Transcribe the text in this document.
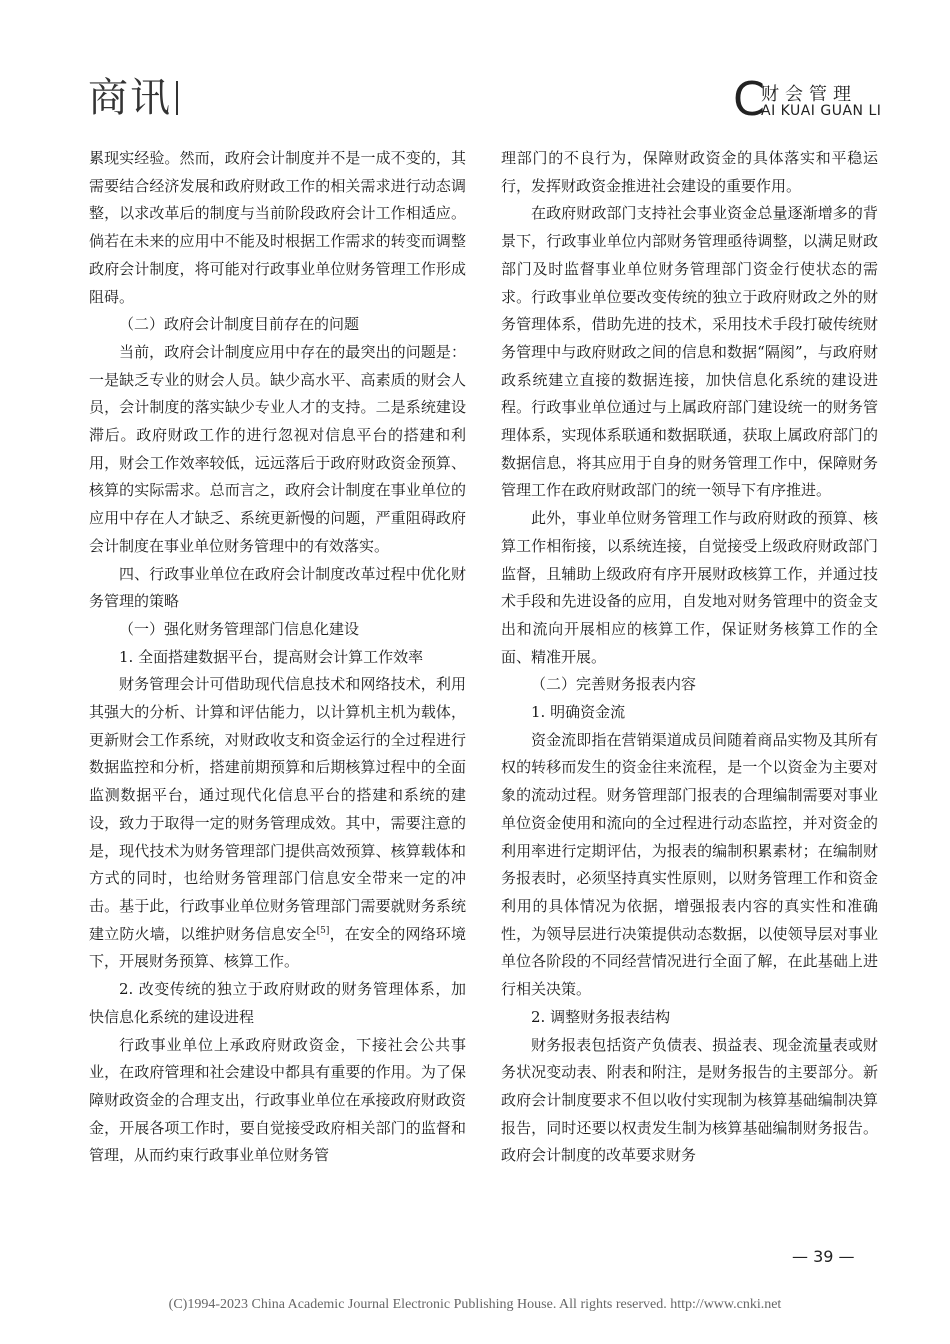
商讯	C
财会管理
AI KUAI GUAN LI

累现实经验。然而，政府会计制度并不是一成不变的，其需要结合经济发展和政府财政工作的相关需求进行动态调整，以求改革后的制度与当前阶段政府会计工作相适应。倘若在未来的应用中不能及时根据工作需求的转变而调整政府会计制度，将可能对行政事业单位财务管理工作形成阻碍。

（二）政府会计制度目前存在的问题

当前，政府会计制度应用中存在的最突出的问题是：一是缺乏专业的财会人员。缺少高水平、高素质的财会人员，会计制度的落实缺少专业人才的支持。二是系统建设滞后。政府财政工作的进行忽视对信息平台的搭建和利用，财会工作效率较低，远远落后于政府财政资金预算、核算的实际需求。总而言之，政府会计制度在事业单位的应用中存在人才缺乏、系统更新慢的问题，严重阻碍政府会计制度在事业单位财务管理中的有效落实。

四、行政事业单位在政府会计制度改革过程中优化财务管理的策略

（一）强化财务管理部门信息化建设

1. 全面搭建数据平台，提高财会计算工作效率

财务管理会计可借助现代信息技术和网络技术，利用其强大的分析、计算和评估能力，以计算机主机为载体，更新财会工作系统，对财政收支和资金运行的全过程进行数据监控和分析，搭建前期预算和后期核算过程中的全面监测数据平台，通过现代化信息平台的搭建和系统的建设，致力于取得一定的财务管理成效。其中，需要注意的是，现代技术为财务管理部门提供高效预算、核算载体和方式的同时，也给财务管理部门信息安全带来一定的冲击。基于此，行政事业单位财务管理部门需要就财务系统建立防火墙，以维护财务信息安全[5]，在安全的网络环境下，开展财务预算、核算工作。

2. 改变传统的独立于政府财政的财务管理体系，加快信息化系统的建设进程

行政事业单位上承政府财政资金，下接社会公共事业，在政府管理和社会建设中都具有重要的作用。为了保障财政资金的合理支出，行政事业单位在承接政府财政资金，开展各项工作时，要自觉接受政府相关部门的监督和管理，从而约束行政事业单位财务管

理部门的不良行为，保障财政资金的具体落实和平稳运行，发挥财政资金推进社会建设的重要作用。

在政府财政部门支持社会事业资金总量逐渐增多的背景下，行政事业单位内部财务管理亟待调整，以满足财政部门及时监督事业单位财务管理部门资金行使状态的需求。行政事业单位要改变传统的独立于政府财政之外的财务管理体系，借助先进的技术，采用技术手段打破传统财务管理中与政府财政之间的信息和数据“隔阂”，与政府财政系统建立直接的数据连接，加快信息化系统的建设进程。行政事业单位通过与上属政府部门建设统一的财务管理体系，实现体系联通和数据联通，获取上属政府部门的数据信息，将其应用于自身的财务管理工作中，保障财务管理工作在政府财政部门的统一领导下有序推进。

此外，事业单位财务管理工作与政府财政的预算、核算工作相衔接，以系统连接，自觉接受上级政府财政部门监督，且辅助上级政府有序开展财政核算工作，并通过技术手段和先进设备的应用，自发地对财务管理中的资金支出和流向开展相应的核算工作，保证财务核算工作的全面、精准开展。

（二）完善财务报表内容

1. 明确资金流

资金流即指在营销渠道成员间随着商品实物及其所有权的转移而发生的资金往来流程，是一个以资金为主要对象的流动过程。财务管理部门报表的合理编制需要对事业单位资金使用和流向的全过程进行动态监控，并对资金的利用率进行定期评估，为报表的编制积累素材；在编制财务报表时，必须坚持真实性原则，以财务管理工作和资金利用的具体情况为依据，增强报表内容的真实性和准确性，为领导层进行决策提供动态数据，以使领导层对事业单位各阶段的不同经营情况进行全面了解，在此基础上进行相关决策。

2. 调整财务报表结构

财务报表包括资产负债表、损益表、现金流量表或财务状况变动表、附表和附注，是财务报告的主要部分。新政府会计制度要求不但以收付实现制为核算基础编制决算报告，同时还要以权责发生制为核算基础编制财务报告。政府会计制度的改革要求财务

— 39 —
(C)1994-2023 China Academic Journal Electronic Publishing House. All rights reserved. http://www.cnki.net
